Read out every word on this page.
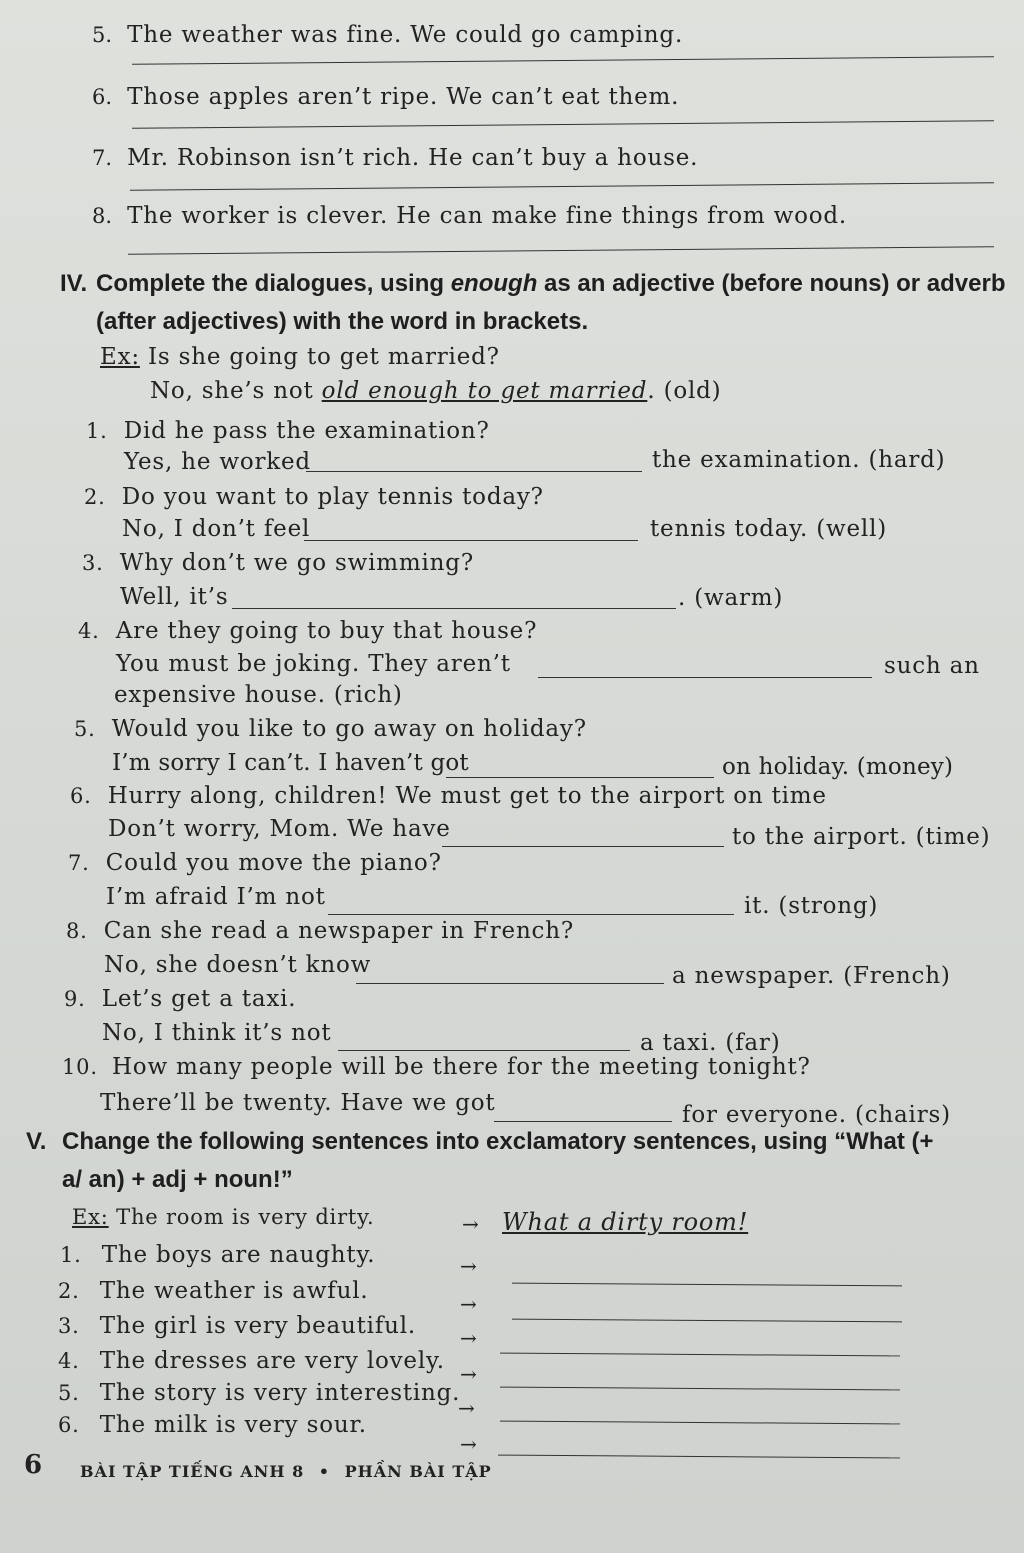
5. The weather was fine. We could go camping.
6. Those apples aren’t ripe. We can’t eat them.
7. Mr. Robinson isn’t rich. He can’t buy a house.
8. The worker is clever. He can make fine things from wood.
IV. Complete the dialogues, using enough as an adjective (before nouns) or adverb
(after adjectives) with the word in brackets.
Ex: Is she going to get married?
No, she’s not old enough to get married. (old)
1. Did he pass the examination?
Yes, he worked	the examination. (hard)
2. Do you want to play tennis today?
No, I don’t feel	tennis today. (well)
3. Why don’t we go swimming?
Well, it’s	. (warm)
4. Are they going to buy that house?
You must be joking. They aren’t	such an
expensive house. (rich)
5. Would you like to go away on holiday?
I’m sorry I can’t. I haven’t got	on holiday. (money)
6. Hurry along, children! We must get to the airport on time
Don’t worry, Mom. We have	to the airport. (time)
7. Could you move the piano?
I’m afraid I’m not	it. (strong)
8. Can she read a newspaper in French?
No, she doesn’t know	a newspaper. (French)
9. Let’s get a taxi.
No, I think it’s not	a taxi. (far)
10. How many people will be there for the meeting tonight?
There’ll be twenty. Have we got	for everyone. (chairs)
V. Change the following sentences into exclamatory sentences, using “What (+
a/ an) + adj + noun!”
Ex: The room is very dirty.	→ What a dirty room!
1. The boys are naughty.	→
2. The weather is awful.	→
3. The girl is very beautiful. →
4. The dresses are very lovely. →
5. The story is very interesting.
→
6. The milk is very sour.
→
6 BÀI TẬP TIẾNG ANH 8 • PHẦN BÀI TẬP
